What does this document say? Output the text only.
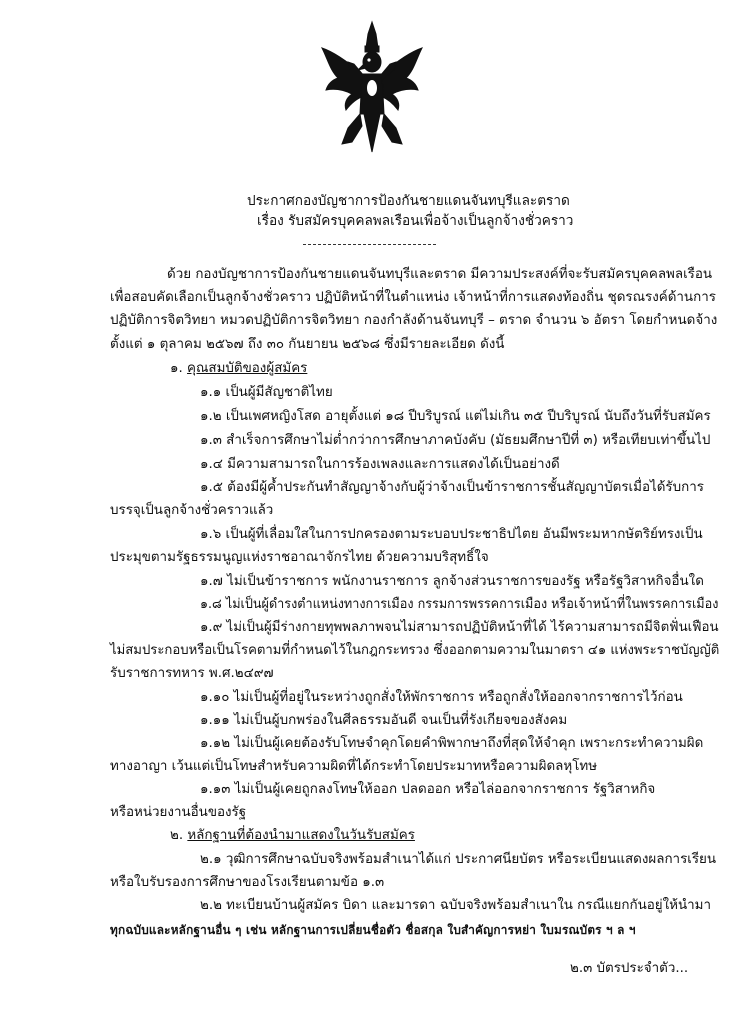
ประกาศกองบัญชาการป้องกันชายแดนจันทบุรีและตราด
เรื่อง รับสมัครบุคคลพลเรือนเพื่อจ้างเป็นลูกจ้างชั่วคราว
ด้วย กองบัญชาการป้องกันชายแดนจันทบุรีและตราด มีความประสงค์ที่จะรับสมัครบุคคลพลเรือน
เพื่อสอบคัดเลือกเป็นลูกจ้างชั่วคราว ปฏิบัติหน้าที่ในตำแหน่ง เจ้าหน้าที่การแสดงท้องถิ่น ชุดรณรงค์ด้านการ
ปฏิบัติการจิตวิทยา หมวดปฏิบัติการจิตวิทยา กองกำลังด้านจันทบุรี – ตราด จำนวน ๖ อัตรา โดยกำหนดจ้าง
ตั้งแต่ ๑ ตุลาคม ๒๕๖๗ ถึง ๓๐ กันยายน ๒๕๖๘ ซึ่งมีรายละเอียด ดังนี้
๑. คุณสมบัติของผู้สมัคร
๑.๑ เป็นผู้มีสัญชาติไทย
๑.๒ เป็นเพศหญิงโสด อายุตั้งแต่ ๑๘ ปีบริบูรณ์ แต่ไม่เกิน ๓๕ ปีบริบูรณ์ นับถึงวันที่รับสมัคร
๑.๓ สำเร็จการศึกษาไม่ต่ำกว่าการศึกษาภาคบังคับ (มัธยมศึกษาปีที่ ๓) หรือเทียบเท่าขึ้นไป
๑.๔ มีความสามารถในการร้องเพลงและการแสดงได้เป็นอย่างดี
๑.๕ ต้องมีผู้ค้ำประกันทำสัญญาจ้างกับผู้ว่าจ้างเป็นข้าราชการชั้นสัญญาบัตรเมื่อได้รับการ
บรรจุเป็นลูกจ้างชั่วคราวแล้ว
๑.๖ เป็นผู้ที่เลื่อมใสในการปกครองตามระบอบประชาธิปไตย อันมีพระมหากษัตริย์ทรงเป็น
ประมุขตามรัฐธรรมนูญแห่งราชอาณาจักรไทย ด้วยความบริสุทธิ์ใจ
๑.๗ ไม่เป็นข้าราชการ พนักงานราชการ ลูกจ้างส่วนราชการของรัฐ หรือรัฐวิสาหกิจอื่นใด
๑.๘ ไม่เป็นผู้ดำรงตำแหน่งทางการเมือง กรรมการพรรคการเมือง หรือเจ้าหน้าที่ในพรรคการเมือง
๑.๙ ไม่เป็นผู้มีร่างกายทุพพลภาพจนไม่สามารถปฏิบัติหน้าที่ได้ ไร้ความสามารถมีจิตฟั่นเฟือน
ไม่สมประกอบหรือเป็นโรคตามที่กำหนดไว้ในกฎกระทรวง ซึ่งออกตามความในมาตรา ๔๑ แห่งพระราชบัญญัติ
รับราชการทหาร พ.ศ.๒๔๙๗
๑.๑๐ ไม่เป็นผู้ที่อยู่ในระหว่างถูกสั่งให้พักราชการ หรือถูกสั่งให้ออกจากราชการไว้ก่อน
๑.๑๑ ไม่เป็นผู้บกพร่องในศีลธรรมอันดี จนเป็นที่รังเกียจของสังคม
๑.๑๒ ไม่เป็นผู้เคยต้องรับโทษจำคุกโดยคำพิพากษาถึงที่สุดให้จำคุก เพราะกระทำความผิด
ทางอาญา เว้นแต่เป็นโทษสำหรับความผิดที่ได้กระทำโดยประมาทหรือความผิดลหุโทษ
๑.๑๓ ไม่เป็นผู้เคยถูกลงโทษให้ออก ปลดออก หรือไล่ออกจากราชการ รัฐวิสาหกิจ
หรือหน่วยงานอื่นของรัฐ
๒. หลักฐานที่ต้องนำมาแสดงในวันรับสมัคร
๒.๑ วุฒิการศึกษาฉบับจริงพร้อมสำเนาได้แก่ ประกาศนียบัตร หรือระเบียนแสดงผลการเรียน
หรือใบรับรองการศึกษาของโรงเรียนตามข้อ ๑.๓
๒.๒ ทะเบียนบ้านผู้สมัคร บิดา และมารดา ฉบับจริงพร้อมสำเนาใน กรณีแยกกันอยู่ให้นำมา
ทุกฉบับและหลักฐานอื่น ๆ เช่น หลักฐานการเปลี่ยนชื่อตัว ชื่อสกุล ใบสำคัญการหย่า ใบมรณบัตร ฯ ล ฯ
๒.๓ บัตรประจำตัว...
